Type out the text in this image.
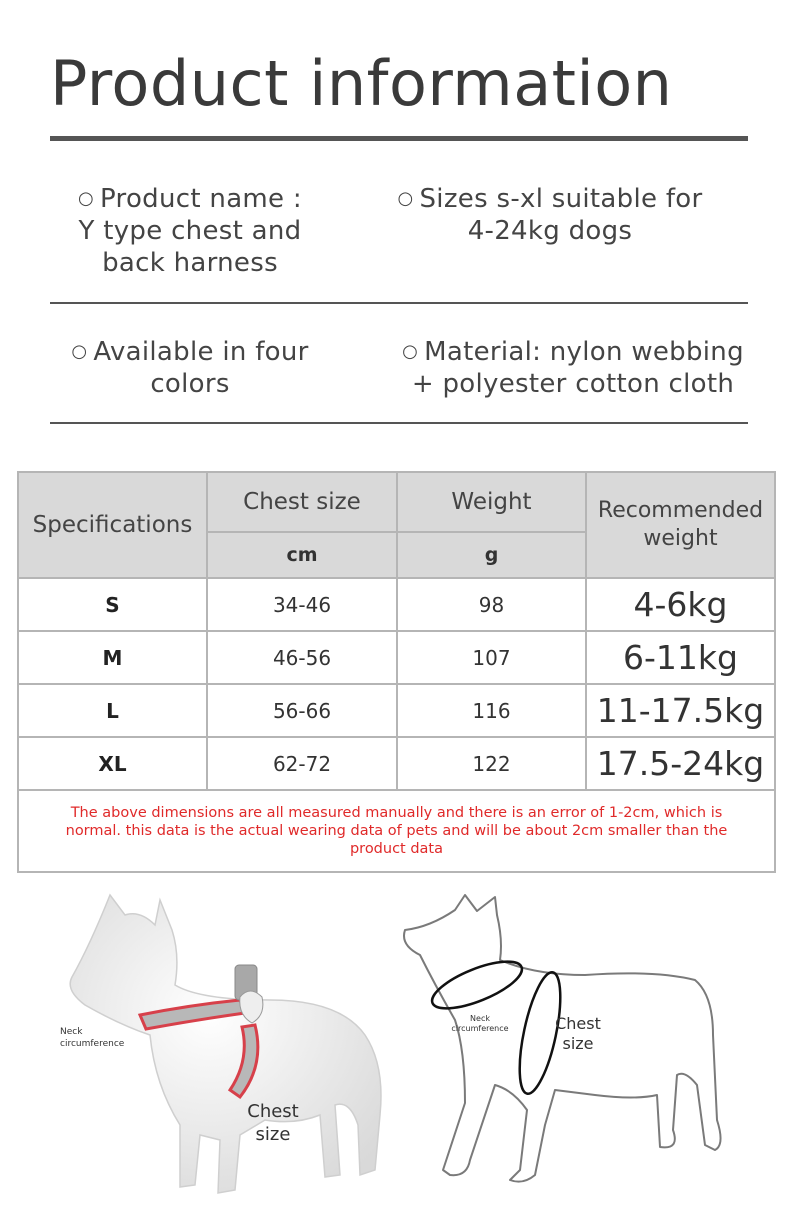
Product information
○ Product name :
Y type chest and
back harness
○ Sizes s-xl suitable for
4-24kg dogs
○ Available in four
colors
○ Material: nylon webbing
+ polyester cotton cloth
Specifications	Chest size	Weight	Recommended
weight

	cm	g	
S	34-46	98	4-6kg
M	46-56	107	6-11kg
L	56-66	116	11-17.5kg
XL	62-72	122	17.5-24kg

The above dimensions are all measured manually and there is an error of 1-2cm, which is
normal. this data is the actual wearing data of pets and will be about 2cm smaller than the
product data			
Neck
circumference
Chest
size
Neck
circumference	Chest
size
